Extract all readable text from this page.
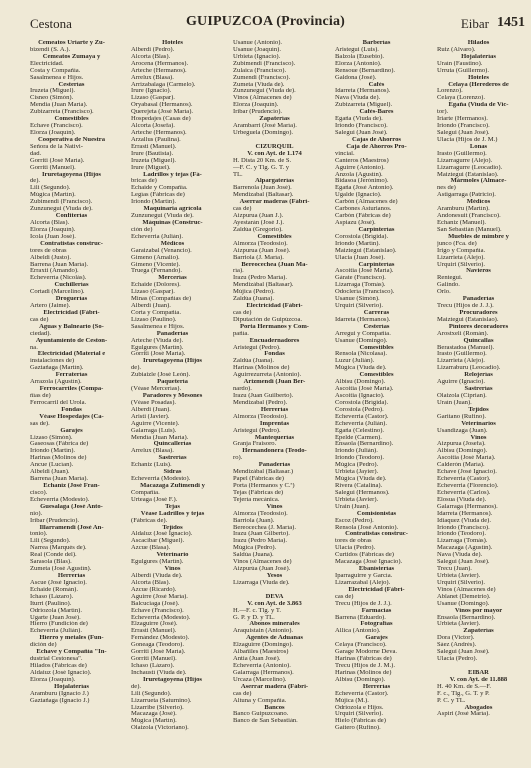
Cestona	GUIPUZCOA (Provincia)	Eibar 1451
Cemeatos Uriarte y Zu-
bizendi (S. A.).
Cemeatos Zumaya y
Electricidad.
Costa y Compañía.
Sasalmenea e Hijos.
Cesterías
Iruzeta (Miguel).
Cisneo (Simón).
Mendia (Juan María).
Zubizarreta (Francisco).
Comestibles
Echave (Francisco).
Elorza (Joaquín).
Cooperativa de Nuestra
Señora de la Nativi-
dad.
Gorriti (José María).
Gorriti (Manuel).
Iruretagoyena (Hijos
de).
Lili (Segundo).
Múgica (Martín).
Zubimendi (Francisco).
Zunzunegui (Viuda de).
Confiterías
Alcorta (Blas).
Elorza (Joaquín).
Icola (Juan José).
Contratistas construc-
tores de obras
Albeldi (Justo).
Barrena (Juan María).
Erraxti (Amando).
Echeverría (Nicolás).
Cuchillerías
Cortadi (Marcelino).
Droguerías
Artero (Jaime).
Electricidad (Fábri-
cas de)
Aguas y Balneario (So-
ciedad).
Ayuntamiento de Ceston-
na.
Electricidad (Material e
instalaciones de)
Gaztañaga (Martín).
Ferraterías
Arrazola (Agustín).
Ferrocarriles (Compa-
ñías de)
Ferrocarril del Urola.
Fondas
Véase Hospedajes (Ca-
sas de).
Garajes
Lizaso (Simón).
Gaseosas (Fábrica de)
Iriondo (Martín).
Harinas (Molinos de)
Ancue (Lucían).
Albeldi (Juan).
Barrena (Juan María).
Echaniz (José Fran-
cisco).
Echeverria (Modesto).
Guesalaga (José Anto-
nio).
Iribar (Prudencio).
Illarramendi (José An-
tonio).
Lili (Segundo).
Narrea (Marqués de).
Real (Conde del).
Sarasola (Blas).
Zumeta (José Agustín).
Herrerías
Ascue (José Ignacio).
Echaide (Román).
Ichaso (Lázaro).
Iturri (Paulino).
Odriozola (Martín).
Ugarte (Juan José).
Hierro (Fundición de)
Echeverria (Julián).
Hierro y metales (Fun-
dición de)
Echave y Compañía "In-
dustrial Cestonesa".
Hilados (Fábricas de)
Aldaiuz (José Ignacio).
Elorza (Joaquín).
Hojalaterías
Aramburu (Ignacio J.)
Gaztañaga (Ignacio J.)
Hoteles
Alberdi (Pedro).
Alcorta (Blas).
Arocena (Hermanos).
Arteche (Hermanos).
Arrelux (Blasa).
Arrizabalaga (Carmelo).
Irure (Ignacio).
Lizaso (Gaspar).
Oryabasal (Hermanos).
Querejeta (José María).
Hospedajes (Casas de)
Alcorta (Josefa).
Arteche (Hermanos).
Arzallus (Paulina).
Errasti (Manuel).
Irure (Bautista).
Iruzeta (Miguel).
Irure (Miguel).
Ladrillos y tejas (Fá-
bricas de)
Echaide y Compañía.
Legías (Fábricas de)
Iriondo (Martín).
Maquinaria agrícola
Zunzunegui (Viuda de).
Máquinas (Construc-
ción de)
Echeverria (Julián).
Médicos
Garaizabal (Venancio).
Gimeno (Amalio).
Gimeno (Vicente).
Truega (Fernando).
Mercerías
Echaide (Dolores).
Lizaso (Gaspar).
Minas (Compañías de)
Alberdi (Juan).
Corta y Compañía.
Lizaso (Paulino).
Sasalmenea e Hijos.
Panaderías
Arteche (Viuda de).
Egulgures (Martín).
Gorriti (José María).
Iruretagoyena (Hijos
de).
Zubiaizle (José León).
Paquetería
(Véase Mercerías).
Paradores y Mesones
(Véase Posadas).
Alberdi (Juan).
Aristi (Javier).
Aguirre (Vicente).
Galarraga (Luis).
Mendía (Juan María).
Quincallerías
Arrelux (Blasa).
Sastrerías
Echaniz (Luis).
Sidras
Echeverria (Modesto).
Macazaga Zufimendi y
Compañía.
Urteaga (José F.).
Tejas
Véase Ladrillos y tejas
(Fábricas de).
Tejidos
Aldaluz (José Ignacio).
Ascacibar (Miguel).
Azcue (Blasa).
Veterinario
Egulgures (Martín).
Vinos
Alberdi (Viuda de).
Alcorta (Blas).
Azcue (Ricardo).
Aguirre (José María).
Balcuciaga (José).
Echave (Francisco).
Echeverria (Modesto).
Elzaguirre (José).
Errasti (Manuel).
Fernández (Modesto).
Goneaga (Teodoro).
Gorriti (José María).
Gorriti (Manuel).
Ichaso (Lázaro).
Inchaustí (Viuda de).
Iruretagoyena (Hijos
de).
Lili (Segundo).
Lizarrueta (Saturnino).
Lizarribe (Silverio).
Macazaga (José).
Múgica (Martín).
Olaizola (Victoriano).
Usanue (Antonio).
Usanue (Joaquín).
Urbieta (Ignacio).
Zubimendi (Francisco).
Zulaica (Francisco).
Zumendi (Francisco).
Zumeta (Viuda de).
Zunzunegui (Viuda de).
Vinos (Almacenes de)
Elorza (Joaquín).
Iribar (Prudencio).
Zapaterías
Arambarri (José María).
Urbeguela (Domingo).

CIZURQUIL
V. con Ayt. de 1.174
H. Dista 20 Km. de S.
—F. C. y Tlg. G. T. y
TL.
Alpargaterías
Barrenola (Juan José).
Mendizabal (Baltasar).
Aserrar maderas (Fábri-
cas de)
Aizpurua (Juan J.).
Ayestarán (José J.).
Zaldúa (Gregorio).
Comestibles
Almorza (Teodosio).
Aizpurua (Juan José).
Barriola (J. María).
Bereocechea (Juan Ma-
ría).
Irazu (Pedro María).
Mendizábal (Baltasar).
Mújica (Pedro).
Zaldúa (Juana).
Electricidad (Fábri-
cas de)
Diputación de Guipúzcoa.
Porta Hermanos y Com-
pañía.
Encuadernadores
Aristegui (Pedro).
Fondas
Zaldúa (Juana).
Harinas (Molinos de)
Aguirrezurreta (Antonio).
Arizmendi (Juan Ber-
nardo).
Irazu (Juan Guilberto).
Mendizabal (Pedro).
Herrerías
Almorza (Teodosio).
Imprentas
Aristegui (Pedro).
Mantequerías
Granja Fraisoro.
Hernandonera (Teodo-
ro).
Panaderías
Mendizábal (Baltasar.)
Papel (Fábricas de)
Porta (Hermanos y C.ª)
Tejas (Fábricas de)
Tejería mecánica.
Vinos
Almorza (Teodosio).
Barriola (Juan).
Bereocechea (J. María).
Irazu (Juan Gilberto).
Irazu (Pedro María).
Múgica (Pedro).
Saldúa (Juana).
Vinos (Almacenes de)
Aizpurúa (Juan José).
Yesos
Lizarraga (Viuda de).

DEVA
V. con Ayt. de 3.863
H.—F. c. Tlg. y T.
G. P. y D. y TL.
Abonos minerales
Araquistain (Antonio).
Agentes de Aduanas
Elzaguirre (Domingo).
Albañiles (Maestros)
Antia (Juan José).
Echeverria (Antonio).
Galarraga (Hermanos).
Urcaza (Marcelino).
Aserrar madera (Fábri-
cas de)
Altuna y Compañía.
Bancos
Banco Guipuzcoano.
Banco de San Sebastián.
Barberías
Aristegui (Luis).
Balzola (Eusebio).
Elorza (Antonio).
Rensoue (Bernardino).
Galdona (José).
Cafés
Idarreta (Hermanos).
Nava (Viuda de).
Zubizarreta (Miguel).
Cafés-Bares
Egaña (Viuda de).
Iriondo (Francisco).
Salegui (Juan José).
Cajas de Ahorros
Caja de Ahorros Pro-
vincial.
Canteros (Maestros)
Aguirre (Antonio).
Anzola (Agustín).
Bidasoa (Jerónimo).
Egaña (José Antonio).
Ugalde (Ignacio).
Carbón (Almacenes de)
Carbones Asturianos.
Carbón (Fábricas de)
Aspiazu (José).
Carpinterías
Corostola (Brígida).
Iriondo (Martín).
Maiztegui (Estanislao).
Ulacia (Juan José).
Carpinterías
Ascoitia (José María).
Gárate (Francisco).
Lizarraga (Tomás).
Odoclería (Francisco).
Usanue (Simón).
Urquiri (Silverio).
Carreras
Idarreta (Hermanos).
Cesterías
Arregui y Compañía.
Usanue (Domingo).
Comestibles
Rensola (Nicolasa).
Luzur (Julián).
Múgica (Viuda de).
Comestibles
Albisu (Domingo).
Ascoitia (José María).
Ascoitia (Ignacio).
Corostola (Brígida).
Corostola (Pedro).
Echeverria (Castor).
Echeverria (Julián).
Egaña (Celestino).
Epelde (Carmen).
Ensaola (Bernardino).
Iriondo (Julián).
Iriondo (Teodoro).
Múgica (Pedro).
Urbieta (Jayier).
Múgica (Viuda de).
Rivera (Catalina).
Salegui (Hermanos).
Urbieta (Javier).
Urain (Juan).
Comisionistas
Escoz (Pedro).
Rensola (José Antonio).
Contratistas construc-
tores de obras
Ulacia (Pedro).
Curtidos (Fábricas de)
Macazaga (José Ignacio).
Ebanisterías
Iparraguirre y García.
Lizarrazabal (Alejo).
Electricidad (Fábri-
cas de)
Trecu (Hijos de J. J.).
Farmacias
Barrena (Eduardo).
Fotografías
Allica (Antonio).
Garajes
Celaya (Francisco).
Garage Modorne Deva.
Harinas (Fábricas de)
Trecu (Hijos de J. M.).
Harinas (Molinos de)
Albisu (Domingo).
Herrerías
Echeverría (Castor).
Mújica (M.).
Odriozola e Hijos.
Urquiri (Silverio).
Hielo (Fábricas de)
Gaitero (Rufino).
Hilados
Ruiz (Alvaro).
Hojalaterías
Uraín (Faustino).
Urruta (Guillermo).
Hoteles
Celaya (Herederos de
Lorenzo).
Celaya (Lorenzo).
Egaña (Viuda de Vic-
tor).
Iriarte (Hermanos).
Iriondo (Francisco).
Salegui (Juan José).
Ulacia (Hijos de J. M.)
Lonas
Irasto (Guillermo).
Lizarragurre (Alejo).
Lizarragurre (Leocadio).
Maiztegui (Estanislao).
Mármoles (Almace-
nes de)
Astigarraga (Patricio).
Médicos
Aramburu (Martín).
Andonesuit (Francisco).
Echaniz (Manuel).
San Sebastián (Manuel).
Muebles de mimbre y
junco (Fca. de)
Irigo y Compañía.
Lizarrieta (Alejo).
Urquiri (Silverio).
Navieros
Rentegui.
Galindo.
Orlo.
Panaderías
Trecu (Hijos de J. J.).
Procuradores
Maiztegui (Estanislao).
Pintores decoradores
Arostxeli (Román).
Quincallas
Berastadoa (Manuel).
Irasto (Guillermo).
Lizarrieta (Alejo).
Lizarraburu (Leocadio).
Relojerías
Aguirre (Ignacio).
Sastrerías
Olaizola (Ciprian).
Uraín (Juan).
Tejidos
Garitano (Rufino).
Veterinarios
Usandizaga (Juan).
Vinos
Aizpurua (Josefa).
Albisu (Domingo).
Ascoitia (José María).
Calderón (María).
Echave (José Ignacio).
Echeverria (Castor).
Echeverria (Florencio).
Echeverria (Carlos).
Elosua (Viuda de).
Galarraga (Hermanos).
Idarreta (Hermanos).
Idiaquez (Viuda de).
Iriondo (Francisco).
Iriondo (Teodoro).
Lizarraga (Tomás).
Macazaga (Agustín).
Nava (Viuda de).
Salegui (Juan José).
Trecu (Juan).
Urbieta (Javier).
Urquiri (Silverio).
Vinos (Almacenes de)
Ablanet (Demetrio).
Usanue (Domingo).
Vinos por mayor
Ensaola (Bernardino).
Urbieta (Javier).
Zapaterías
Dora (Victor).
Sáez (Andrés).
Salegui (Juan José).
Ulacia (Pedro).

EIBAR
V. con Ayt. de 11.888
H. 40 Km. de S.—F.
F. c., Tlg., G. T. y P.
P. C. y TL.
Abogados
Aspiri (José María).
